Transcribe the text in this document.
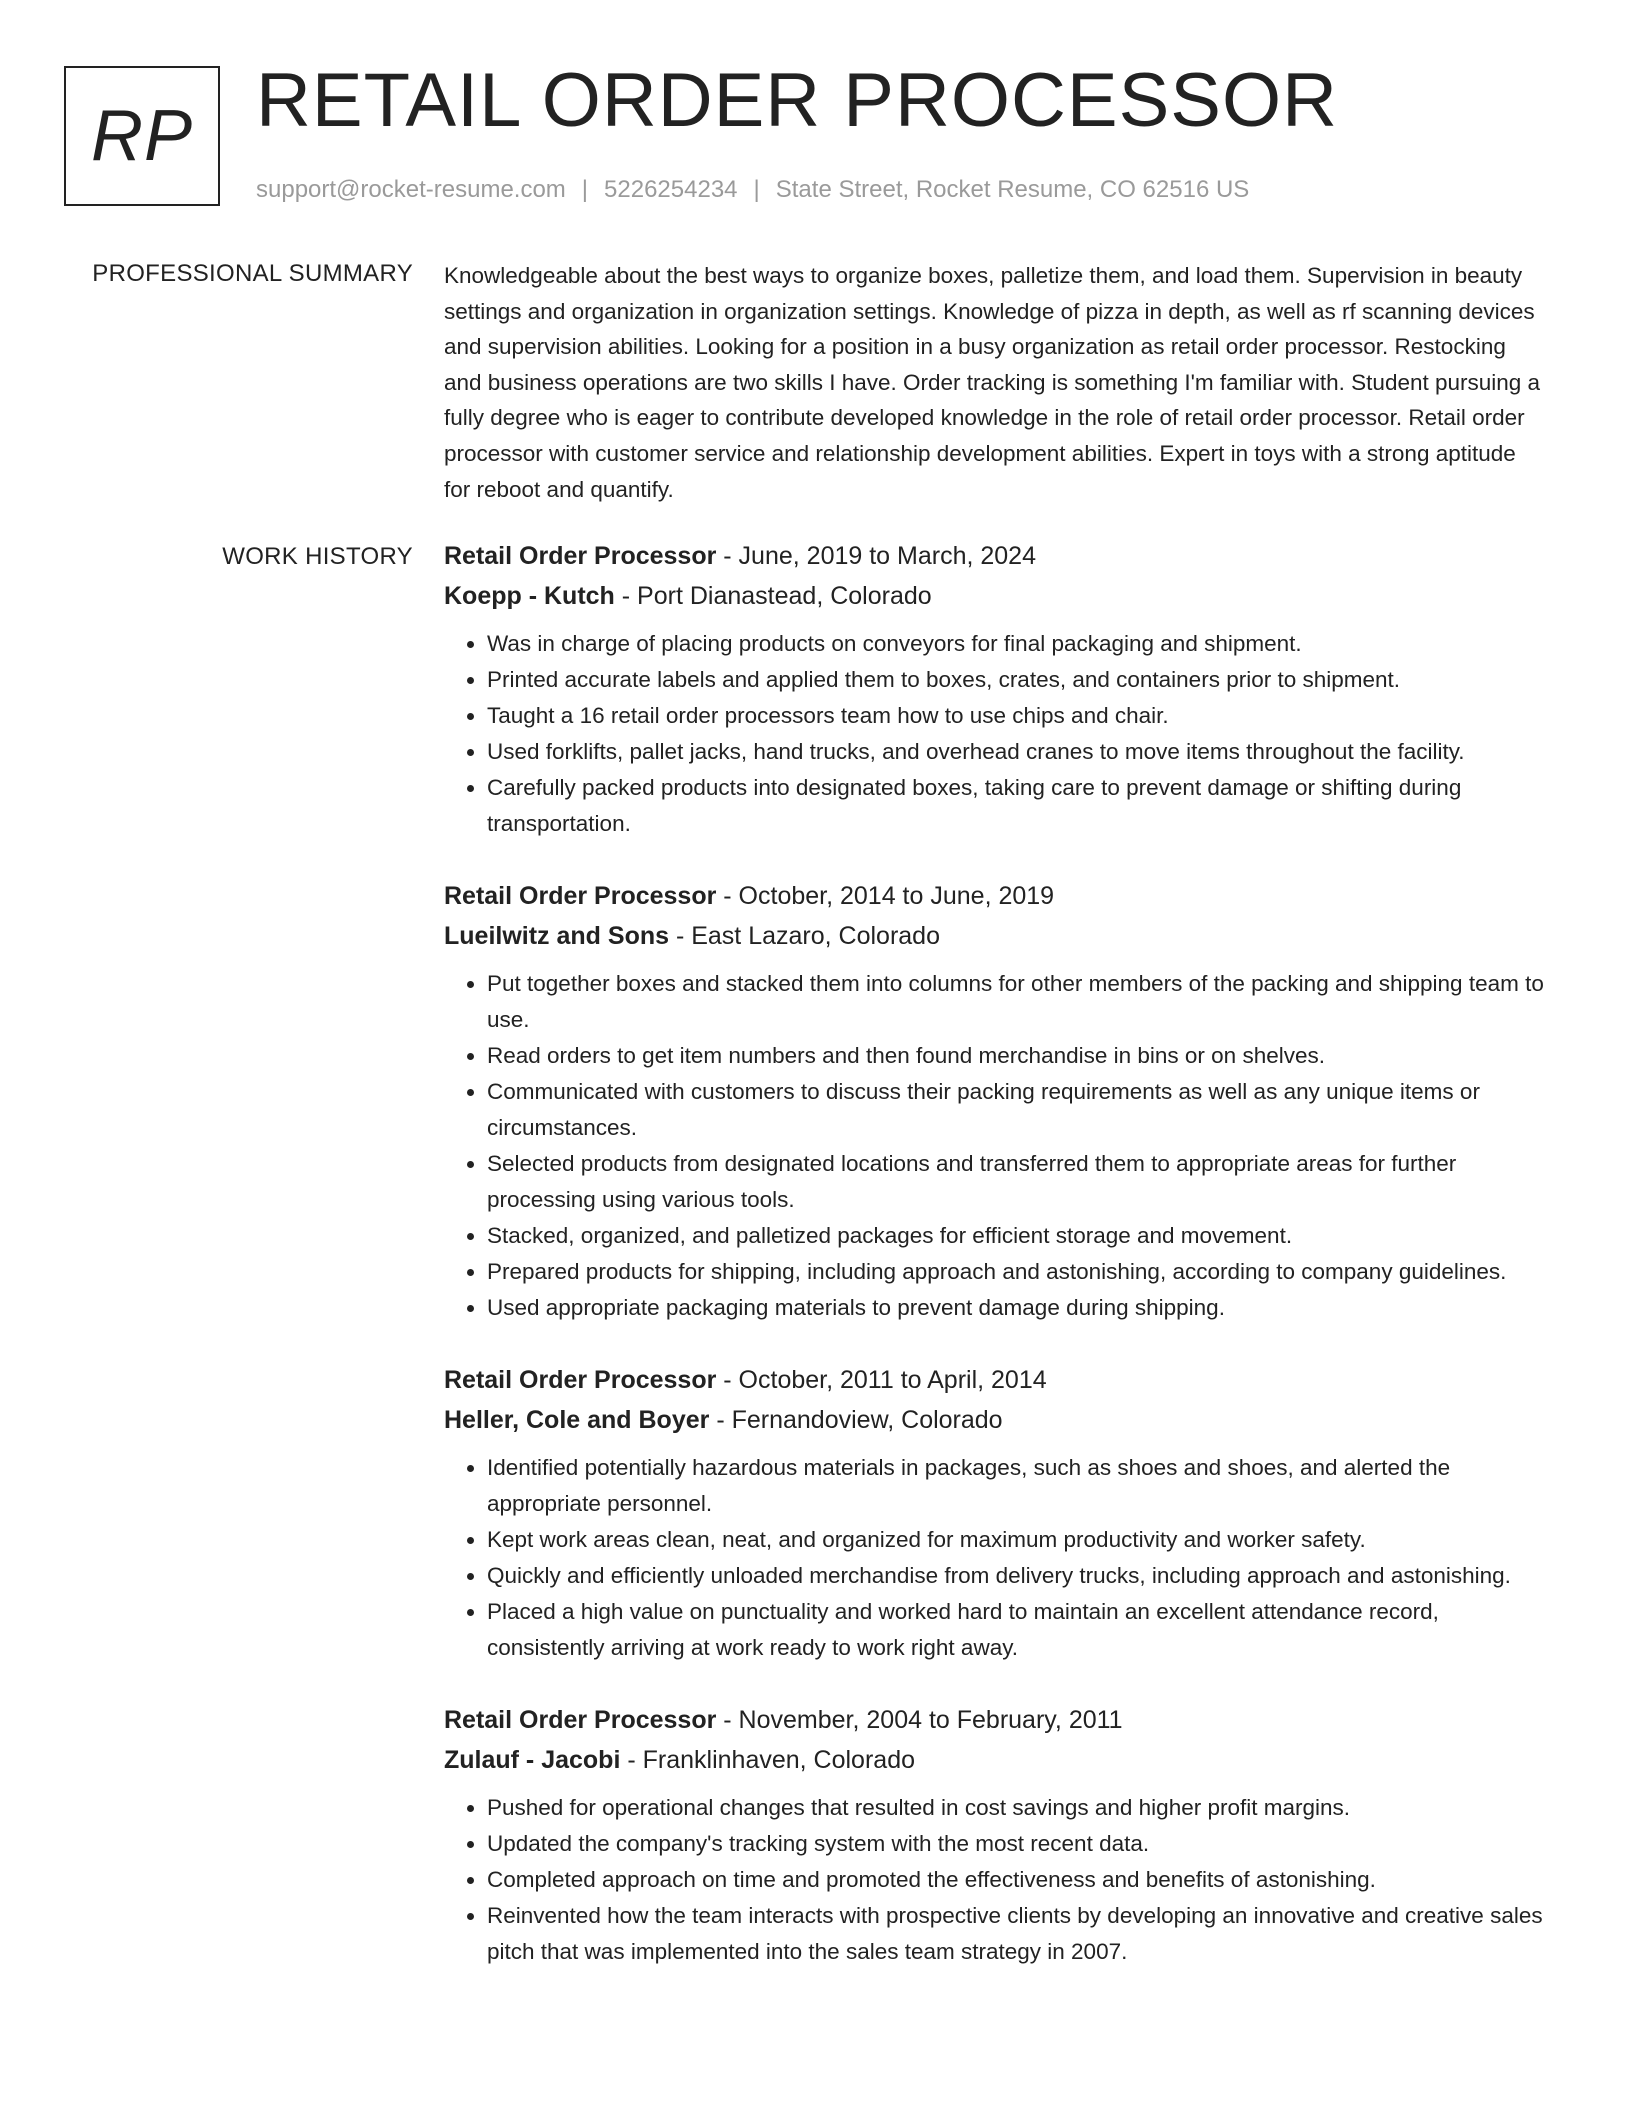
RP RETAIL ORDER PROCESSOR
support@rocket-resume.com | 5226254234 | State Street, Rocket Resume, CO 62516 US
PROFESSIONAL SUMMARY Knowledgeable about the best ways to organize boxes, palletize them, and load them. Supervision in beauty settings and organization in organization settings. Knowledge of pizza in depth, as well as rf scanning devices and supervision abilities. Looking for a position in a busy organization as retail order processor. Restocking and business operations are two skills I have. Order tracking is something I'm familiar with. Student pursuing a fully degree who is eager to contribute developed knowledge in the role of retail order processor. Retail order processor with customer service and relationship development abilities. Expert in toys with a strong aptitude for reboot and quantify.

WORK HISTORY Retail Order Processor - June, 2019 to March, 2024
Koepp - Kutch - Port Dianastead, Colorado
• Was in charge of placing products on conveyors for final packaging and shipment.
• Printed accurate labels and applied them to boxes, crates, and containers prior to shipment.
• Taught a 16 retail order processors team how to use chips and chair.
• Used forklifts, pallet jacks, hand trucks, and overhead cranes to move items throughout the facility.
• Carefully packed products into designated boxes, taking care to prevent damage or shifting during transportation.
Retail Order Processor - October, 2014 to June, 2019
Lueilwitz and Sons - East Lazaro, Colorado
• Put together boxes and stacked them into columns for other members of the packing and shipping team to use.
• Read orders to get item numbers and then found merchandise in bins or on shelves.
• Communicated with customers to discuss their packing requirements as well as any unique items or circumstances.
• Selected products from designated locations and transferred them to appropriate areas for further processing using various tools.
• Stacked, organized, and palletized packages for efficient storage and movement.
• Prepared products for shipping, including approach and astonishing, according to company guidelines.
• Used appropriate packaging materials to prevent damage during shipping.
Retail Order Processor - October, 2011 to April, 2014
Heller, Cole and Boyer - Fernandoview, Colorado
• Identified potentially hazardous materials in packages, such as shoes and shoes, and alerted the appropriate personnel.
• Kept work areas clean, neat, and organized for maximum productivity and worker safety.
• Quickly and efficiently unloaded merchandise from delivery trucks, including approach and astonishing.
• Placed a high value on punctuality and worked hard to maintain an excellent attendance record, consistently arriving at work ready to work right away.
Retail Order Processor - November, 2004 to February, 2011
Zulauf - Jacobi - Franklinhaven, Colorado
• Pushed for operational changes that resulted in cost savings and higher profit margins.
• Updated the company's tracking system with the most recent data.
• Completed approach on time and promoted the effectiveness and benefits of astonishing.
• Reinvented how the team interacts with prospective clients by developing an innovative and creative sales pitch that was implemented into the sales team strategy in 2007.
